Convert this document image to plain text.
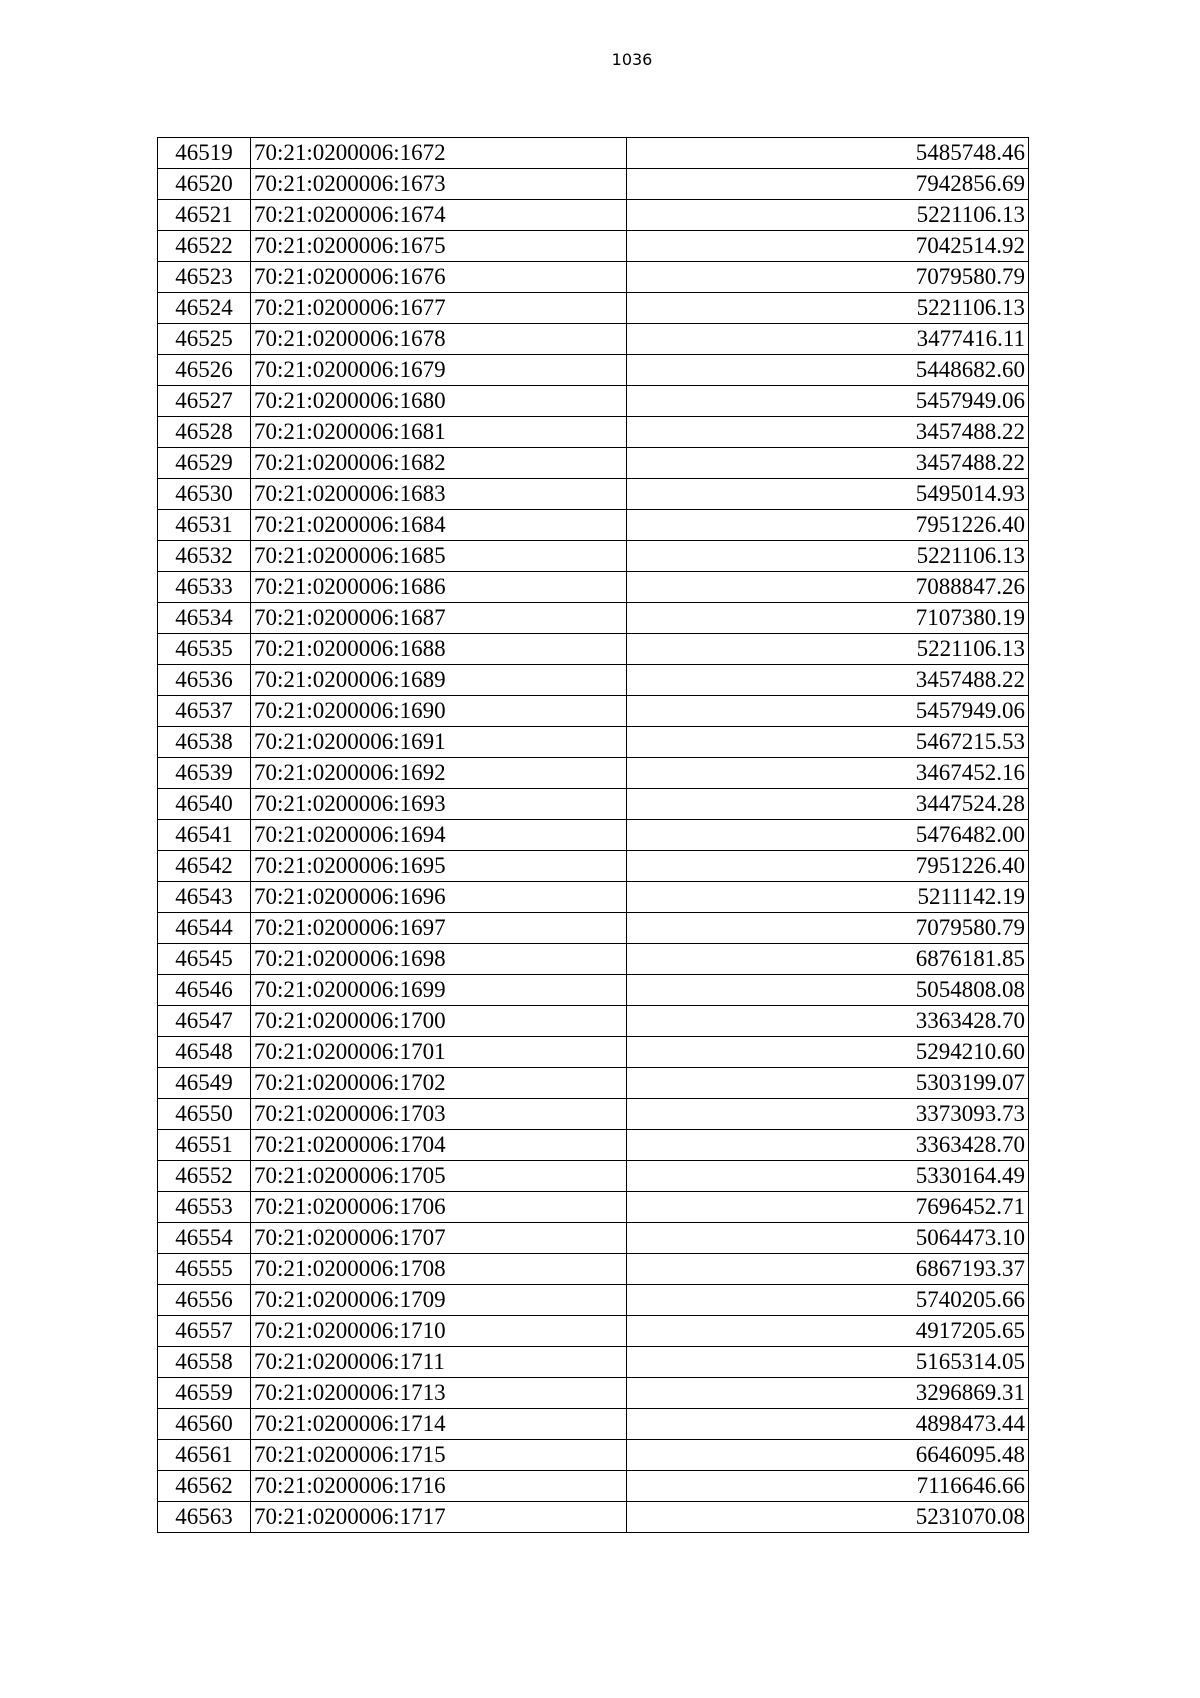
1036
46519	70:21:0200006:1672	5485748.46
46520	70:21:0200006:1673	7942856.69
46521	70:21:0200006:1674	5221106.13
46522	70:21:0200006:1675	7042514.92
46523	70:21:0200006:1676	7079580.79
46524	70:21:0200006:1677	5221106.13
46525	70:21:0200006:1678	3477416.11
46526	70:21:0200006:1679	5448682.60
46527	70:21:0200006:1680	5457949.06
46528	70:21:0200006:1681	3457488.22
46529	70:21:0200006:1682	3457488.22
46530	70:21:0200006:1683	5495014.93
46531	70:21:0200006:1684	7951226.40
46532	70:21:0200006:1685	5221106.13
46533	70:21:0200006:1686	7088847.26
46534	70:21:0200006:1687	7107380.19
46535	70:21:0200006:1688	5221106.13
46536	70:21:0200006:1689	3457488.22
46537	70:21:0200006:1690	5457949.06
46538	70:21:0200006:1691	5467215.53
46539	70:21:0200006:1692	3467452.16
46540	70:21:0200006:1693	3447524.28
46541	70:21:0200006:1694	5476482.00
46542	70:21:0200006:1695	7951226.40
46543	70:21:0200006:1696	5211142.19
46544	70:21:0200006:1697	7079580.79
46545	70:21:0200006:1698	6876181.85
46546	70:21:0200006:1699	5054808.08
46547	70:21:0200006:1700	3363428.70
46548	70:21:0200006:1701	5294210.60
46549	70:21:0200006:1702	5303199.07
46550	70:21:0200006:1703	3373093.73
46551	70:21:0200006:1704	3363428.70
46552	70:21:0200006:1705	5330164.49
46553	70:21:0200006:1706	7696452.71
46554	70:21:0200006:1707	5064473.10
46555	70:21:0200006:1708	6867193.37
46556	70:21:0200006:1709	5740205.66
46557	70:21:0200006:1710	4917205.65
46558	70:21:0200006:1711	5165314.05
46559	70:21:0200006:1713	3296869.31
46560	70:21:0200006:1714	4898473.44
46561	70:21:0200006:1715	6646095.48
46562	70:21:0200006:1716	7116646.66
46563	70:21:0200006:1717	5231070.08
